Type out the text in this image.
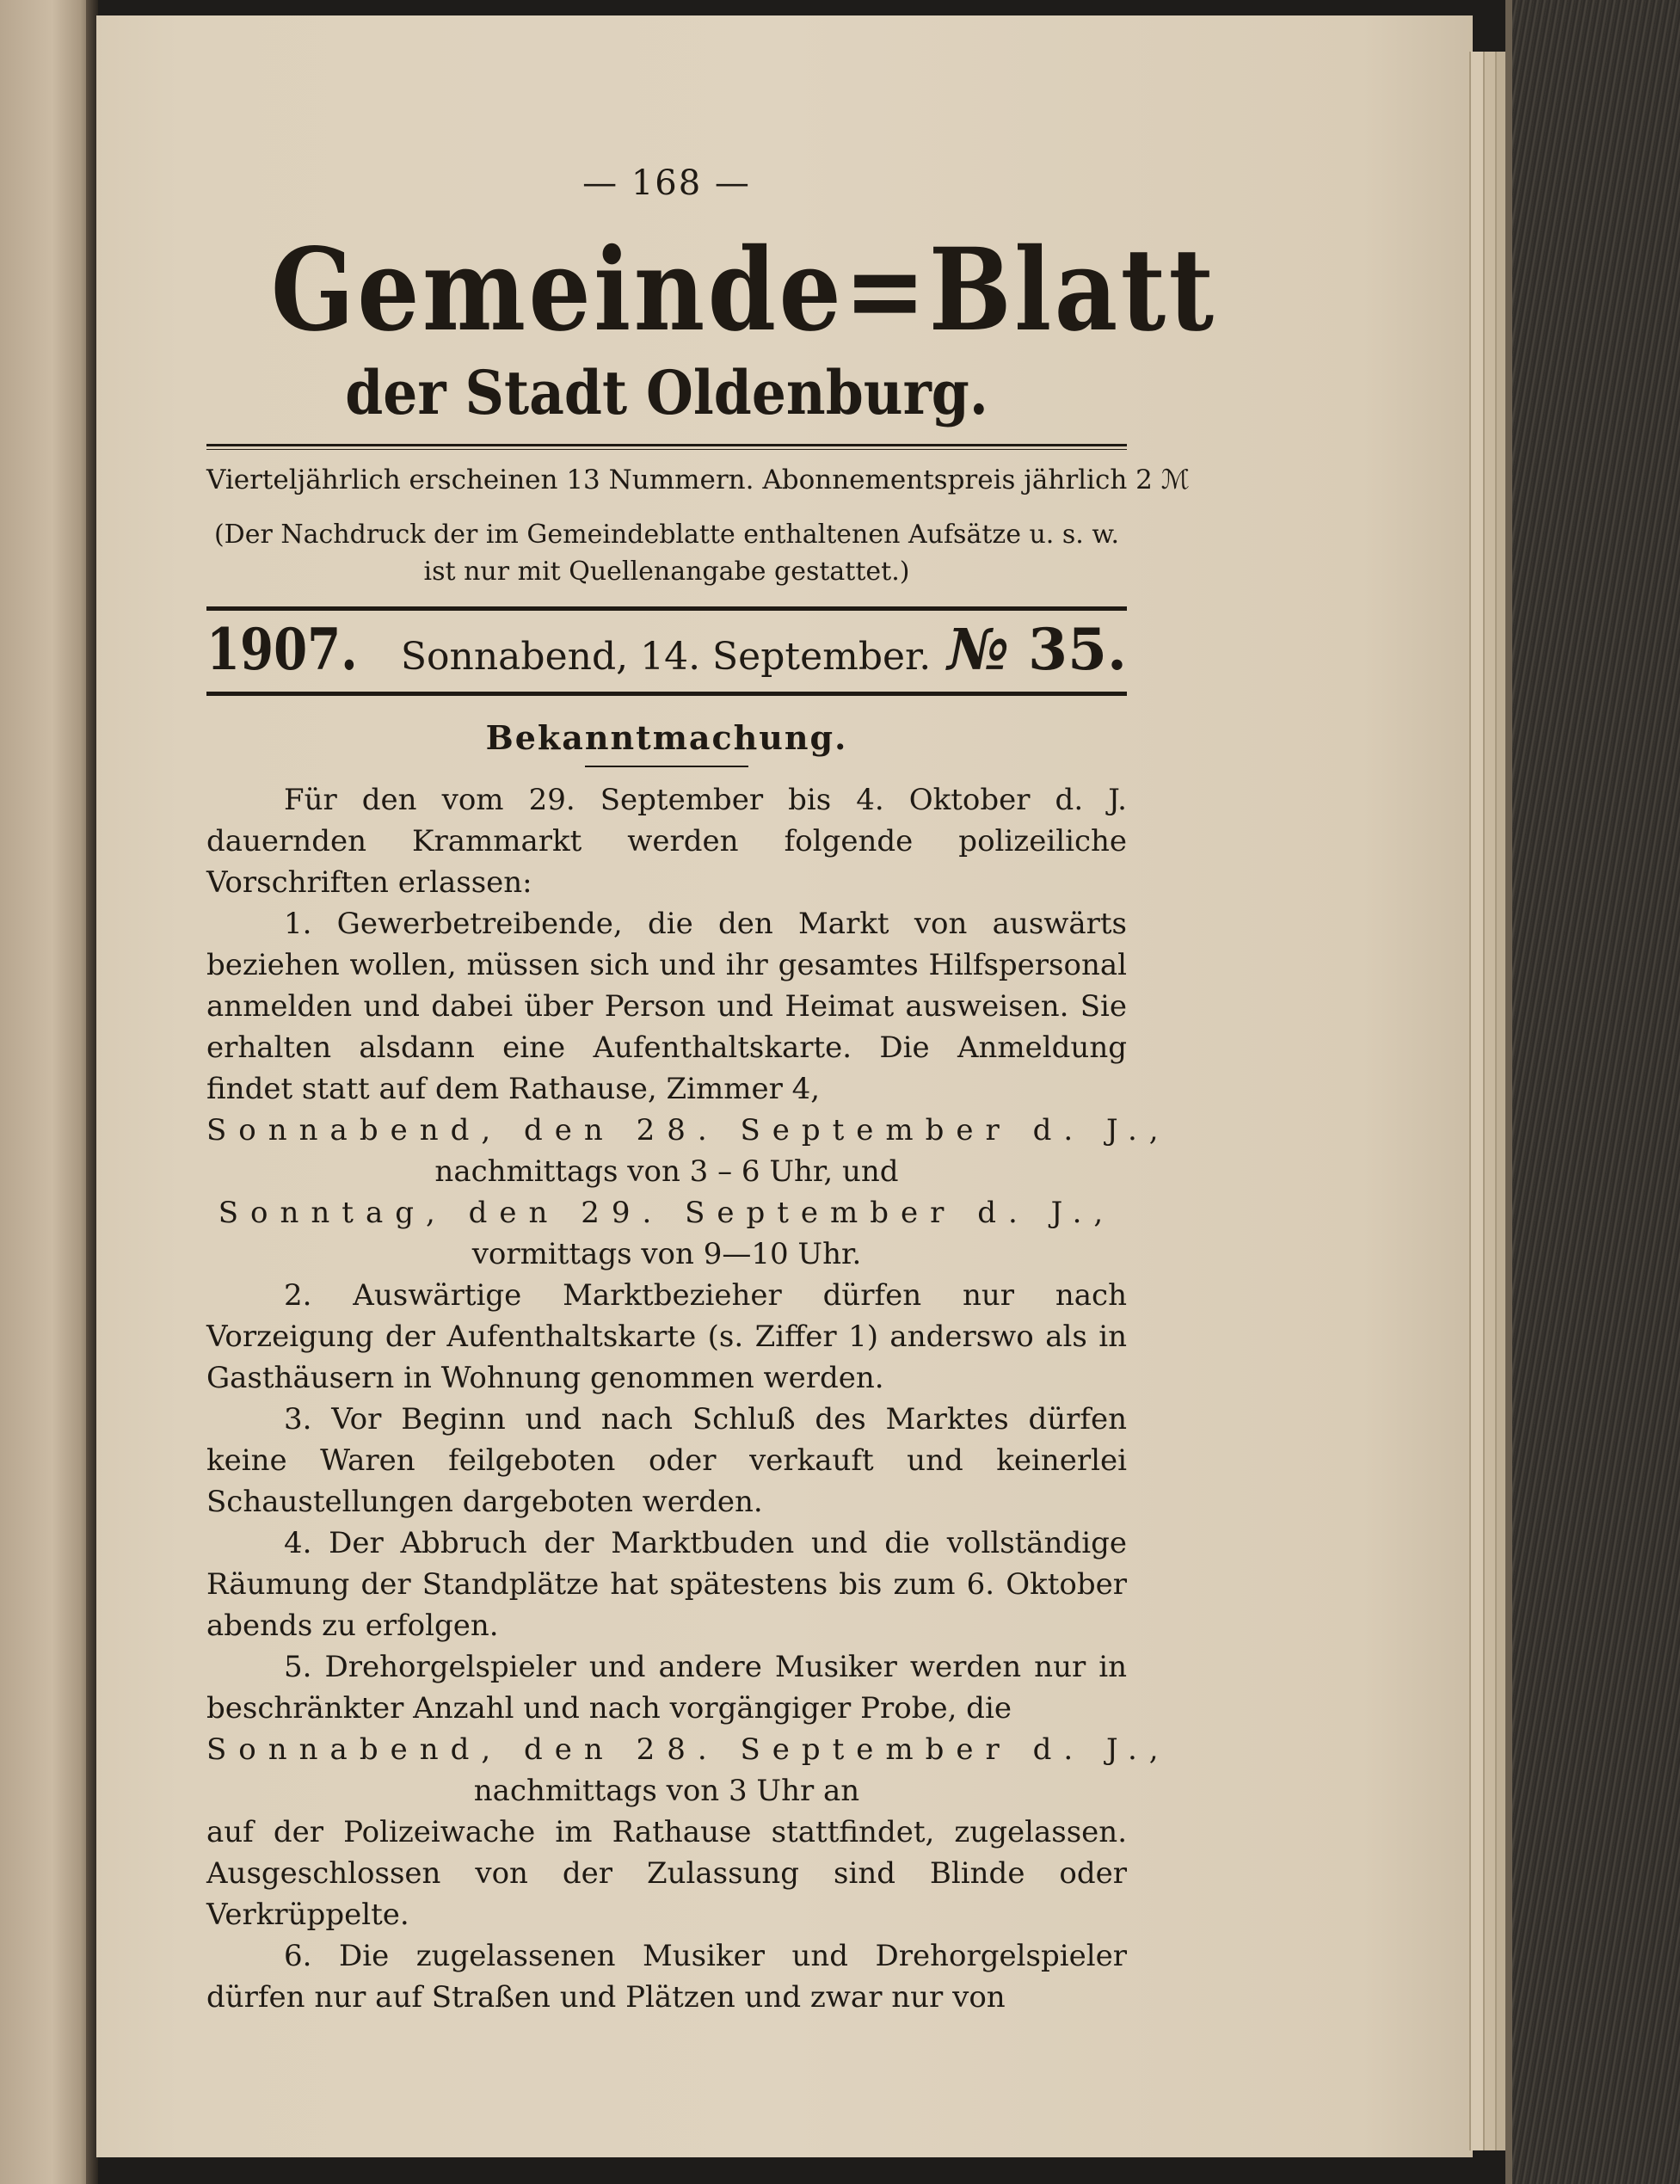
— 168 —
Gemeinde=Blatt
der Stadt Oldenburg.
Vierteljährlich erscheinen 13 Nummern. Abonnementspreis jährlich 2 ℳ
(Der Nachdruck der im Gemeindeblatte enthaltenen Aufsätze u. s. w.
ist nur mit Quellenangabe gestattet.)
1907. Sonnabend, 14. September. № 35.
Bekanntmachung.

Für den vom 29. September bis 4. Oktober d. J. dauernden Krammarkt werden folgende polizeiliche Vorschriften erlassen:

1. Gewerbetreibende, die den Markt von auswärts beziehen wollen, müssen sich und ihr gesamtes Hilfspersonal anmelden und dabei über Person und Heimat ausweisen. Sie erhalten alsdann eine Aufenthaltskarte. Die Anmeldung findet statt auf dem Rathause, Zimmer 4,

Sonnabend, den 28. September d. J.,

nachmittags von 3 – 6 Uhr, und

Sonntag, den 29. September d. J.,

vormittags von 9—10 Uhr.

2. Auswärtige Marktbezieher dürfen nur nach Vorzeigung der Aufenthaltskarte (s. Ziffer 1) anderswo als in Gasthäusern in Wohnung genommen werden.

3. Vor Beginn und nach Schluß des Marktes dürfen keine Waren feilgeboten oder verkauft und keinerlei Schaustellungen dargeboten werden.

4. Der Abbruch der Marktbuden und die vollständige Räumung der Standplätze hat spätestens bis zum 6. Oktober abends zu erfolgen.

5. Drehorgelspieler und andere Musiker werden nur in beschränkter Anzahl und nach vorgängiger Probe, die

Sonnabend, den 28. September d. J.,

nachmittags von 3 Uhr an

auf der Polizeiwache im Rathause stattfindet, zugelassen. Ausgeschlossen von der Zulassung sind Blinde oder Verkrüppelte.

6. Die zugelassenen Musiker und Drehorgelspieler dürfen nur auf Straßen und Plätzen und zwar nur von
